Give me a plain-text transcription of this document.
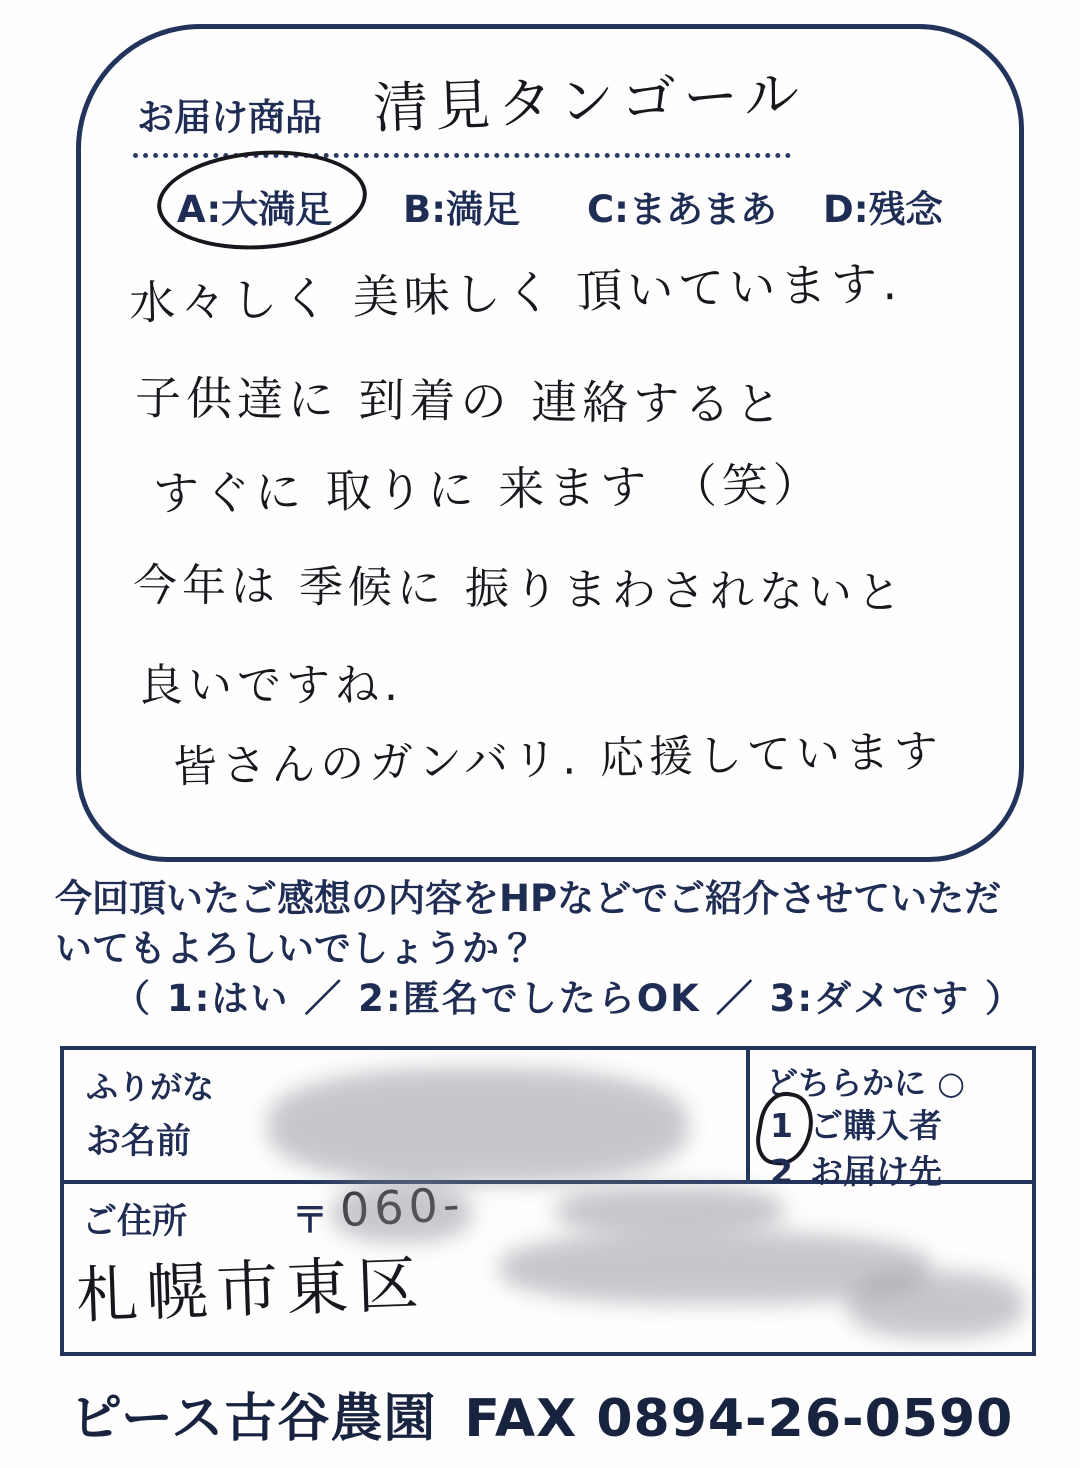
お届け商品 清見タンゴール
A:大満足 B:満足 C:まあまあ D:残念
水々しく 美味しく 頂いています.
子供達に 到着の 連絡すると
すぐに 取りに 来ます （笑）
今年は 季候に 振りまわされないと
良いですね.
皆さんのガンバリ. 応援しています
今回頂いたご感想の内容をHPなどでご紹介させていただ
いてもよろしいでしょうか？
（ 1:はい ／ 2:匿名でしたらOK ／ 3:ダメです ）
ふりがな
お名前
どちらかに ○
1 ご購入者
2 お届け先
ご住所	〒
札幌市東区
ピース古谷農園 FAX 0894-26-0590
